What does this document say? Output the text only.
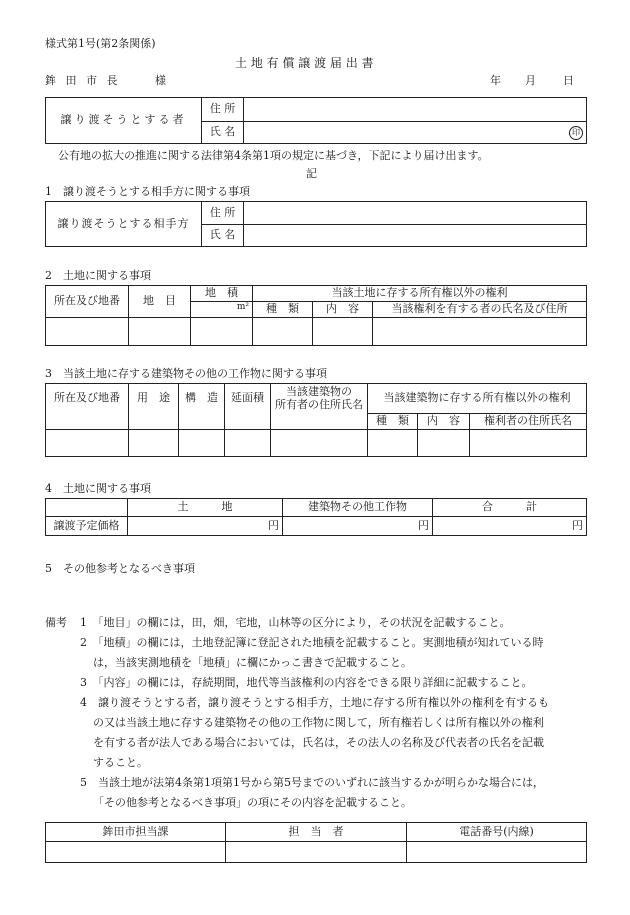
様式第1号(第2条関係)
土 地 有 償 譲 渡 届 出 書
鉾 田 市 長	様	年 月 日
譲り渡そうとする者	住 所	
	氏 名	印
公有地の拡大の推進に関する法律第4条第1項の規定に基づき，下記により届け出ます。
記
1　譲り渡そうとする相手方に関する事項
譲り渡そうとする相手方	住 所	
	氏 名	
2　土地に関する事項
所在及び地番	地　目	地　積	当該土地に存する所有権以外の権利		
		m²	種　類	内　容	当該権利を有する者の氏名及び住所

3　当該土地に存する建築物その他の工作物に関する事項
所在及び地番	用　途	構　造	延面積	当該建築物の
所有者の住所氏名	当該建築物に存する所有権以外の権利		
					種　類	内　容	権利者の住所氏名

4　土地に関する事項
	土　　　地	建築物その他工作物	合　　　計
譲渡予定価格	円	円	円
5　その他参考となるべき事項
備考 1　「地目」の欄には，田，畑，宅地，山林等の区分により，その状況を記載すること。
2　「地積」の欄には，土地登記簿に登記された地積を記載すること。実測地積が知れている時
は，当該実測地積を「地積」に欄にかっこ書きで記載すること。
3　「内容」の欄には，存続期間，地代等当該権利の内容をできる限り詳細に記載すること。
4　譲り渡そうとする者，譲り渡そうとする相手方，土地に存する所有権以外の権利を有するも
の又は当該土地に存する建築物その他の工作物に関して，所有権若しくは所有権以外の権利
を有する者が法人である場合においては，氏名は，その法人の名称及び代表者の氏名を記載
すること。
5　当該土地が法第4条第1項第1号から第5号までのいずれに該当するかが明らかな場合には，
「その他参考となるべき事項」の項にその内容を記載すること。
鉾田市担当課	担　当　者	電話番号(内線)
